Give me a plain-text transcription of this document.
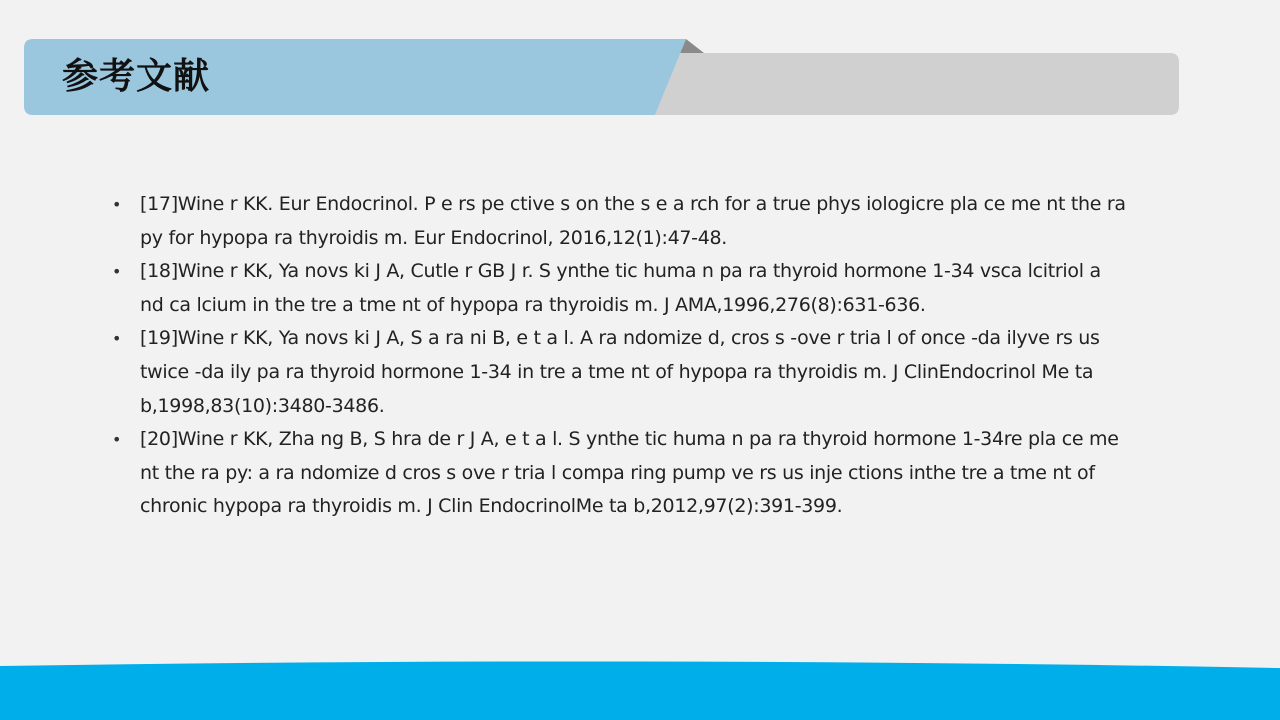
参考文献
• [17]Wine r KK. Eur Endocrinol. P e rs pe ctive s on the s e a rch for a true phys iologicre pla ce me nt the ra
py for hypopa ra thyroidis m. Eur Endocrinol, 2016,12(1):47-48.
• [18]Wine r KK, Ya novs ki J A, Cutle r GB J r. S ynthe tic huma n pa ra thyroid hormone 1-34 vsca lcitriol a
nd ca lcium in the tre a tme nt of hypopa ra thyroidis m. J AMA,1996,276(8):631-636.
• [19]Wine r KK, Ya novs ki J A, S a ra ni B, e t a l. A ra ndomize d, cros s -ove r tria l of once -da ilyve rs us
twice -da ily pa ra thyroid hormone 1-34 in tre a tme nt of hypopa ra thyroidis m. J ClinEndocrinol Me ta
b,1998,83(10):3480-3486.
• [20]Wine r KK, Zha ng B, S hra de r J A, e t a l. S ynthe tic huma n pa ra thyroid hormone 1-34re pla ce me
nt the ra py: a ra ndomize d cros s ove r tria l compa ring pump ve rs us inje ctions inthe tre a tme nt of
chronic hypopa ra thyroidis m. J Clin EndocrinolMe ta b,2012,97(2):391-399.
